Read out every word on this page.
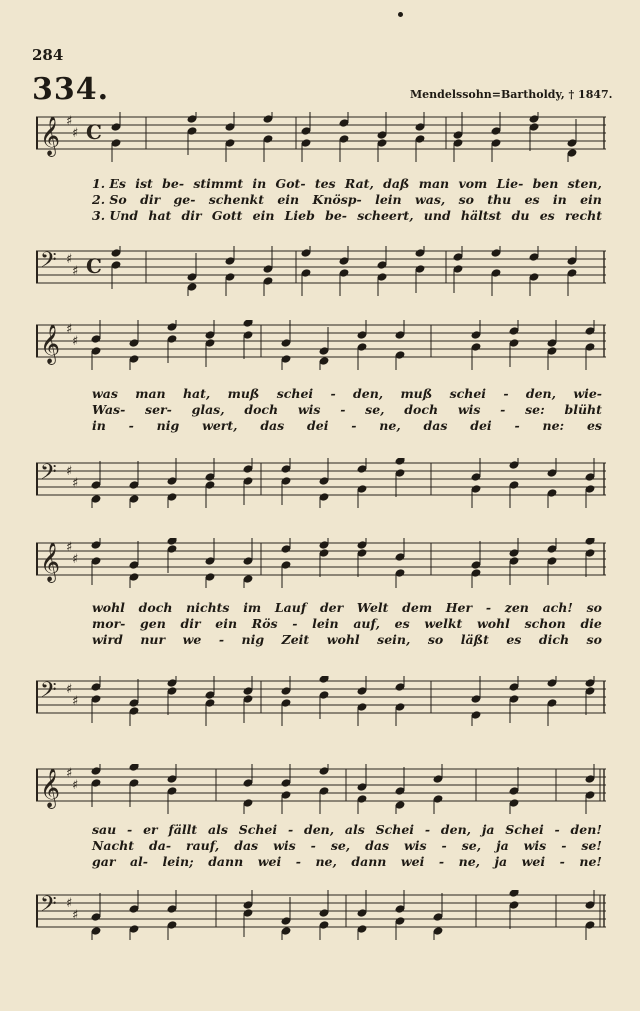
284
334.	Mendelssohn=Bartholdy, † 1847.
𝄞 ♯
♯ C
1. Es ist be- stimmt in Got- tes Rat, daß man vom Lie- ben sten,
2. So dir ge- schenkt ein Knösp- lein was, so thu es in ein
3. Und hat dir Gott ein Lieb be- scheert, und hältst du es recht
𝄢 ♯
♯ C
𝄞 ♯
♯
was man hat, muß schei - den, muß schei - den, wie-
Was- ser- glas, doch wis - se, doch wis - se: blüht
in - nig wert, das dei - ne, das dei - ne: es
𝄢 ♯
♯
𝄞 ♯
♯
wohl doch nichts im Lauf der Welt dem Her - zen ach! so
mor- gen dir ein Rös - lein auf, es welkt wohl schon die
wird nur we - nig Zeit wohl sein, so läßt es dich so
𝄢 ♯
♯
𝄞 ♯
♯
sau - er fällt als Schei - den, als Schei - den, ja Schei - den!
Nacht da- rauf, das wis - se, das wis - se, ja wis - se!
gar al- lein; dann wei - ne, dann wei - ne, ja wei - ne!
𝄢 ♯
♯
